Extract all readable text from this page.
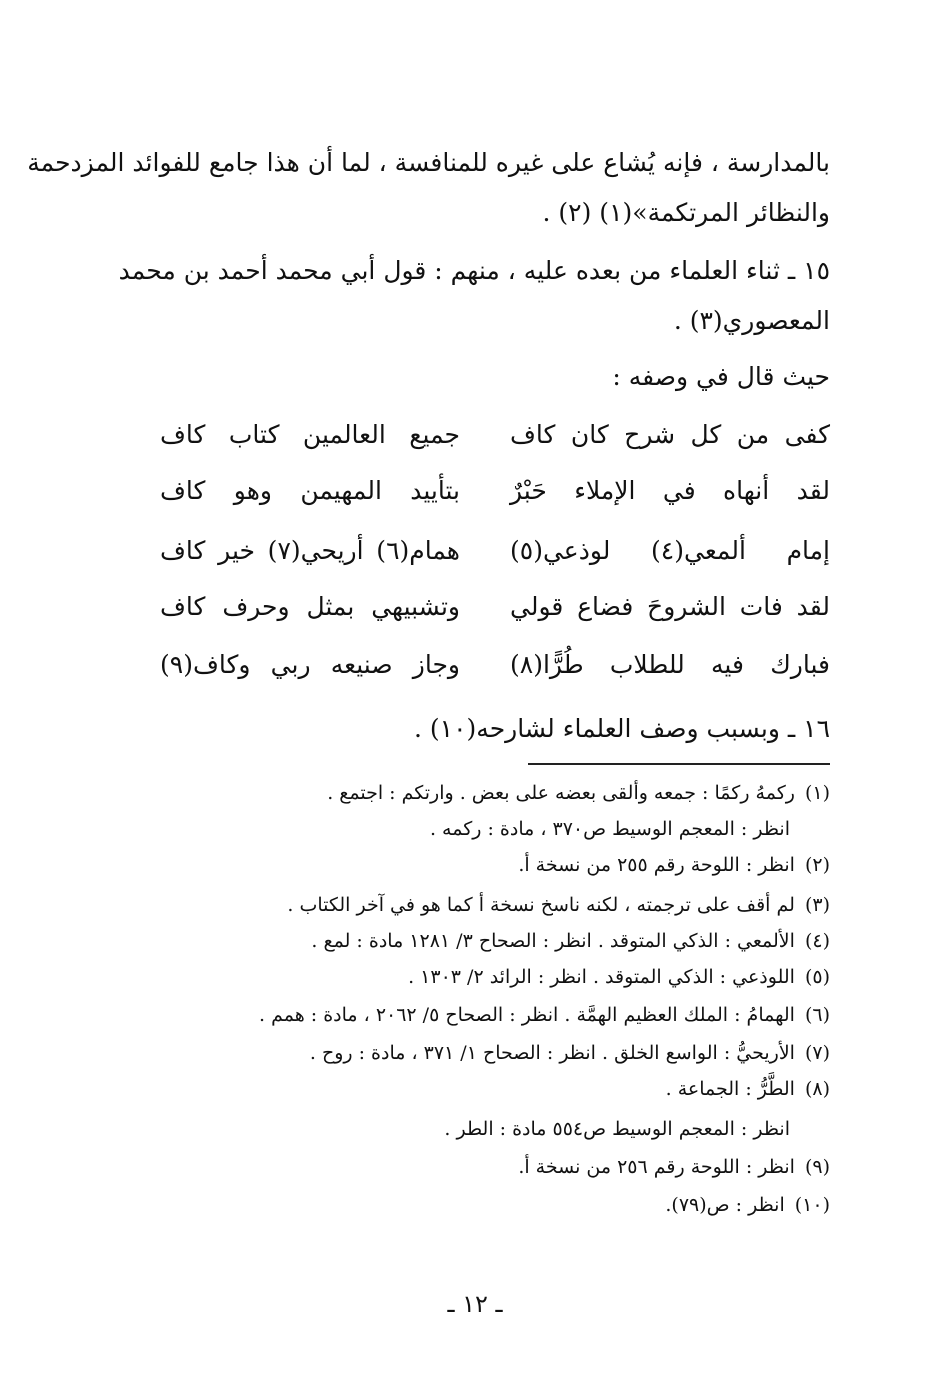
بالمدارسة ، فإنه يُشاع على غيره للمنافسة ، لما أن هذا جامع للفوائد المزدحمة
والنظائر المرتكمة»(١) (٢) .
١٥ ـ ثناء العلماء من بعده عليه ، منهم : قول أبي محمد أحمد بن محمد
المعصوري(٣) .
حيث قال في وصفه :
كفى من كل شرح كان كاف
جميع العالمين كتاب كاف
لقد أنهاه في الإملاء حَبْرٌ
بتأييد المهيمن وهو كاف
إمام ألمعي(٤) لوذعي(٥)
همام(٦) أريحي(٧) خير كاف
لقد فات الشروحَ فضاع قولي
وتشبيهي بمثل وحرف كاف
فبارك فيه للطلاب طُرًّا(٨)
وجاز صنيعه ربي وكاف(٩)
١٦ ـ وبسبب وصف العلماء لشارحه(١٠) .
(١)ركمهُ ركمًا : جمعه وألقى بعضه على بعض . وارتكم : اجتمع .
انظر : المعجم الوسيط ص٣٧٠ ، مادة : ركمه .
(٢)انظر : اللوحة رقم ٢٥٥ من نسخة أ.
(٣)لم أقف على ترجمته ، لكنه ناسخ نسخة أ كما هو في آخر الكتاب .
(٤)الألمعي : الذكي المتوقد . انظر : الصحاح ٣/ ١٢٨١ مادة : لمع .
(٥)اللوذعي : الذكي المتوقد . انظر : الرائد ٢/ ١٣٠٣ .
(٦)الهمامُ : الملك العظيم الهمَّة . انظر : الصحاح ٥/ ٢٠٦٢ ، مادة : همم .
(٧)الأريحيُّ : الواسع الخلق . انظر : الصحاح ١/ ٣٧١ ، مادة : روح .
(٨)الطَّرُّ : الجماعة .
انظر : المعجم الوسيط ص٥٥٤ مادة : الطر .
(٩)انظر : اللوحة رقم ٢٥٦ من نسخة أ.
(١٠)انظر : ص(٧٩).
ـ ١٢ ـ
